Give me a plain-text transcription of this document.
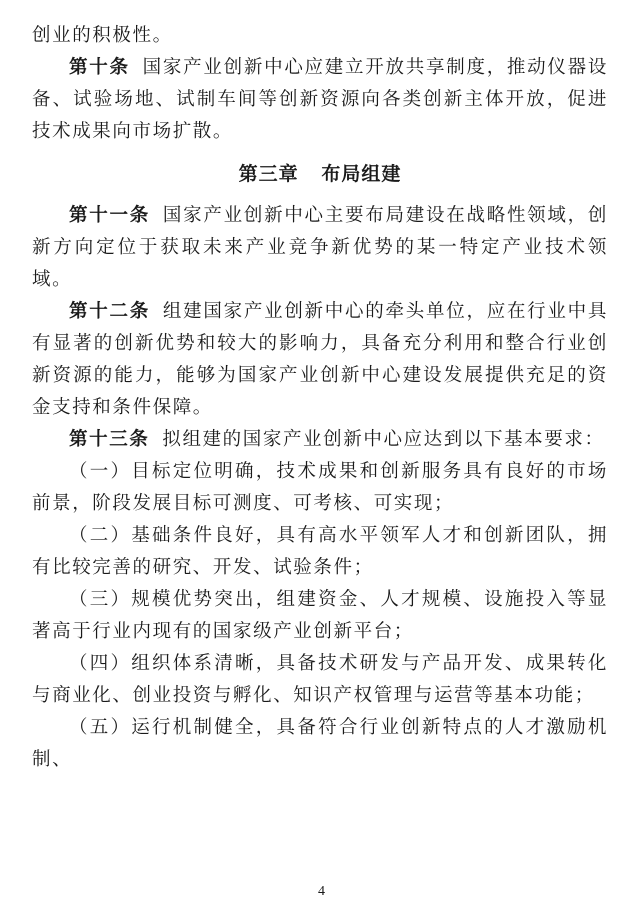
创业的积极性。

第十条 国家产业创新中心应建立开放共享制度，推动仪器设备、试验场地、试制车间等创新资源向各类创新主体开放，促进技术成果向市场扩散。

第三章 布局组建

第十一条 国家产业创新中心主要布局建设在战略性领域，创新方向定位于获取未来产业竞争新优势的某一特定产业技术领域。

第十二条 组建国家产业创新中心的牵头单位，应在行业中具有显著的创新优势和较大的影响力，具备充分利用和整合行业创新资源的能力，能够为国家产业创新中心建设发展提供充足的资金支持和条件保障。

第十三条 拟组建的国家产业创新中心应达到以下基本要求：

（一）目标定位明确，技术成果和创新服务具有良好的市场前景，阶段发展目标可测度、可考核、可实现；

（二）基础条件良好，具有高水平领军人才和创新团队，拥有比较完善的研究、开发、试验条件；

（三）规模优势突出，组建资金、人才规模、设施投入等显著高于行业内现有的国家级产业创新平台；

（四）组织体系清晰，具备技术研发与产品开发、成果转化与商业化、创业投资与孵化、知识产权管理与运营等基本功能；

（五）运行机制健全，具备符合行业创新特点的人才激励机制、

4
